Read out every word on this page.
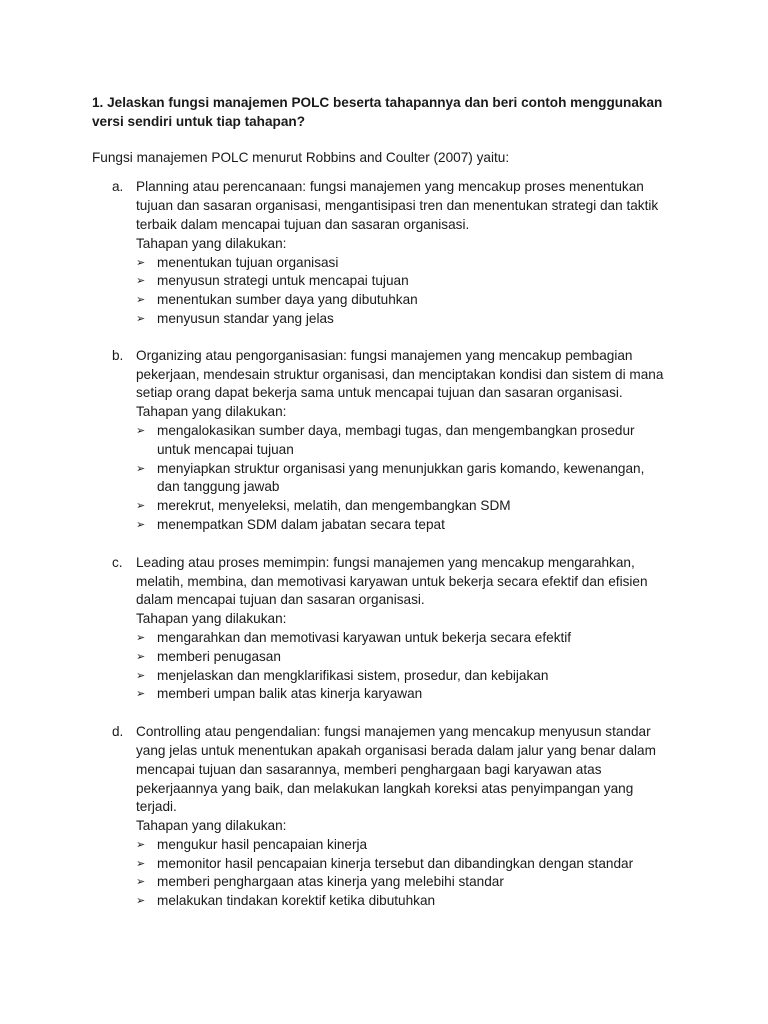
1. Jelaskan fungsi manajemen POLC beserta tahapannya dan beri contoh menggunakan versi sendiri untuk tiap tahapan?

Fungsi manajemen POLC menurut Robbins and Coulter (2007) yaitu:

a. Planning atau perencanaan: fungsi manajemen yang mencakup proses menentukan tujuan dan sasaran organisasi, mengantisipasi tren dan menentukan strategi dan taktik terbaik dalam mencapai tujuan dan sasaran organisasi.
Tahapan yang dilakukan:
➢ menentukan tujuan organisasi
➢ menyusun strategi untuk mencapai tujuan
➢ menentukan sumber daya yang dibutuhkan
➢ menyusun standar yang jelas
b. Organizing atau pengorganisasian: fungsi manajemen yang mencakup pembagian pekerjaan, mendesain struktur organisasi, dan menciptakan kondisi dan sistem di mana setiap orang dapat bekerja sama untuk mencapai tujuan dan sasaran organisasi.
Tahapan yang dilakukan:
➢ mengalokasikan sumber daya, membagi tugas, dan mengembangkan prosedur untuk mencapai tujuan
➢ menyiapkan struktur organisasi yang menunjukkan garis komando, kewenangan, dan tanggung jawab
➢ merekrut, menyeleksi, melatih, dan mengembangkan SDM
➢ menempatkan SDM dalam jabatan secara tepat
c. Leading atau proses memimpin: fungsi manajemen yang mencakup mengarahkan, melatih, membina, dan memotivasi karyawan untuk bekerja secara efektif dan efisien dalam mencapai tujuan dan sasaran organisasi.
Tahapan yang dilakukan:
➢ mengarahkan dan memotivasi karyawan untuk bekerja secara efektif
➢ memberi penugasan
➢ menjelaskan dan mengklarifikasi sistem, prosedur, dan kebijakan
➢ memberi umpan balik atas kinerja karyawan
d. Controlling atau pengendalian: fungsi manajemen yang mencakup menyusun standar yang jelas untuk menentukan apakah organisasi berada dalam jalur yang benar dalam mencapai tujuan dan sasarannya, memberi penghargaan bagi karyawan atas pekerjaannya yang baik, dan melakukan langkah koreksi atas penyimpangan yang terjadi.
Tahapan yang dilakukan:
➢ mengukur hasil pencapaian kinerja
➢ memonitor hasil pencapaian kinerja tersebut dan dibandingkan dengan standar
➢ memberi penghargaan atas kinerja yang melebihi standar
➢ melakukan tindakan korektif ketika dibutuhkan
